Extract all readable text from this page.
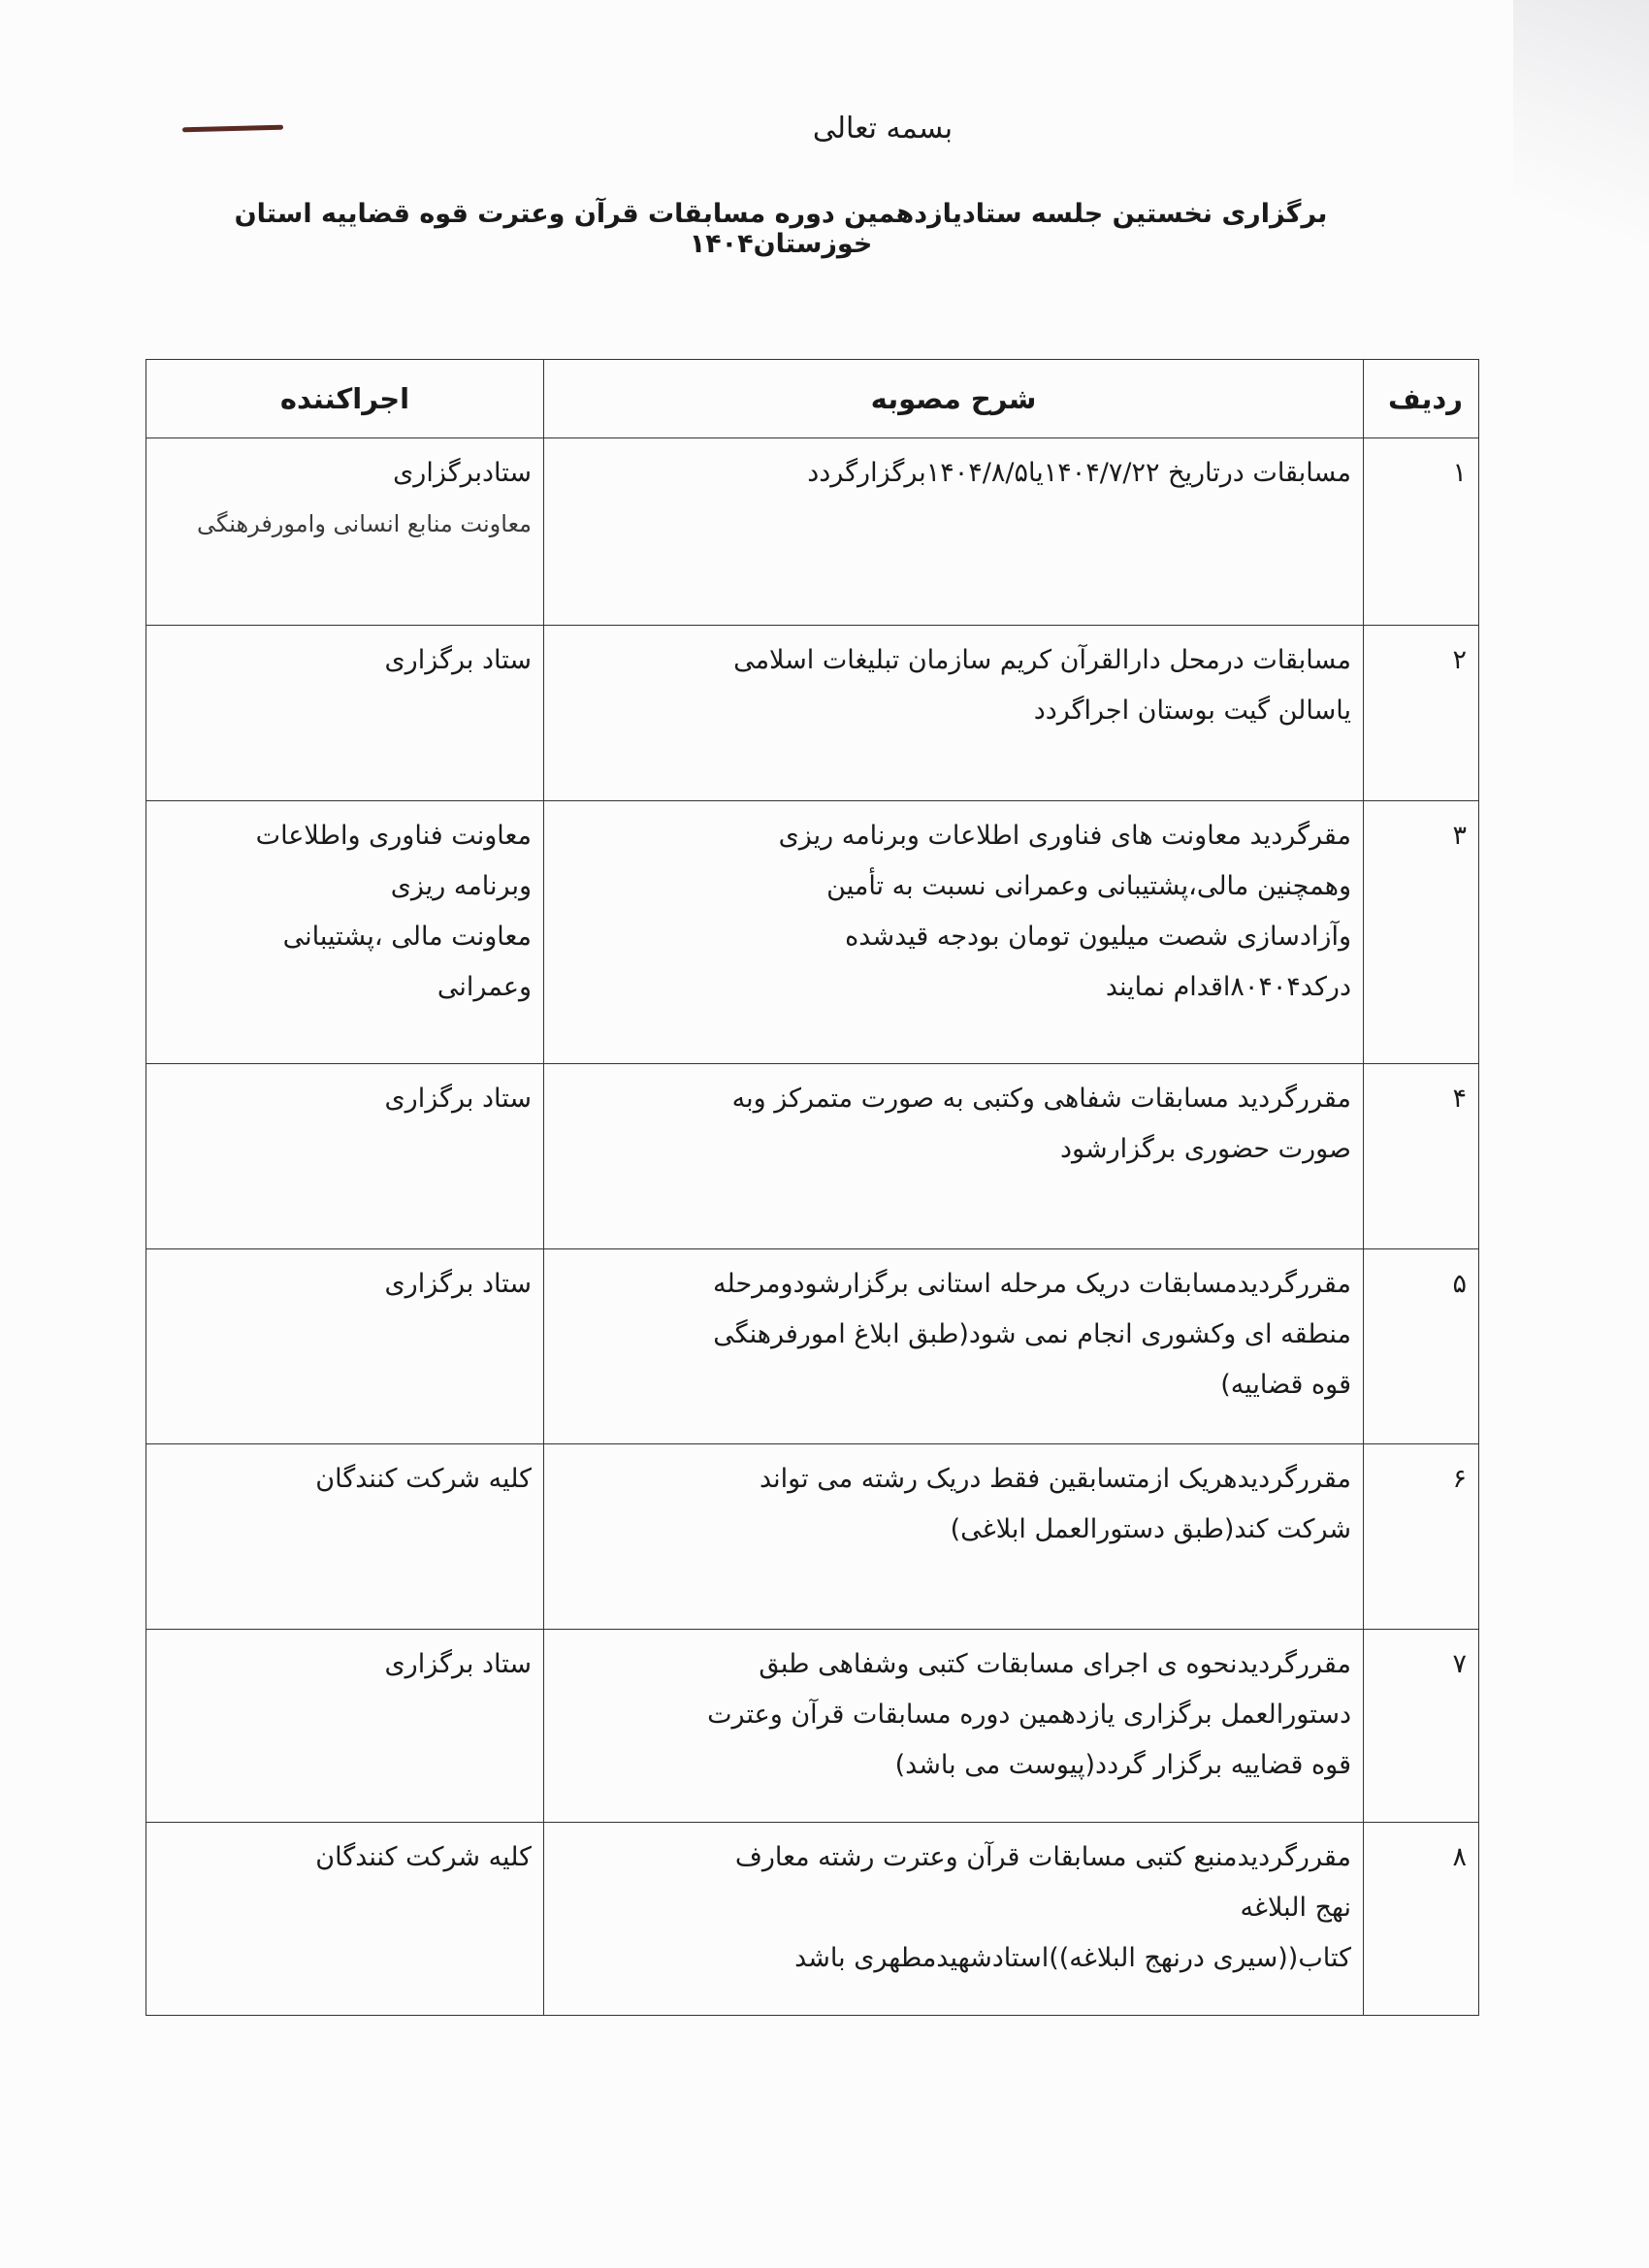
بسمه تعالی
برگزاری نخستین جلسه ستادیازدهمین دوره مسابقات قرآن وعترت قوه قضاییه استان خوزستان۱۴۰۴
ردیف	شرح مصوبه	اجراکننده
۱	مسابقات درتاریخ ۱۴۰۴/۷/۲۲یا۱۴۰۴/۸/۵برگزارگردد	ستادبرگزاری
معاونت منابع انسانی وامورفرهنگی

۲	مسابقات درمحل دارالقرآن کریم سازمان تبلیغات اسلامی
یاسالن گیت بوستان اجراگردد	ستاد برگزاری

۳	مقرگردید معاونت های فناوری اطلاعات وبرنامه ریزی
وهمچنین مالی،پشتیبانی وعمرانی نسبت به تأمین
وآزادسازی شصت میلیون تومان بودجه قیدشده
درکد۸۰۴۰۴اقدام نمایند	معاونت فناوری واطلاعات
وبرنامه ریزی
معاونت مالی ،پشتیبانی
وعمرانی

۴	مقررگردید مسابقات شفاهی وکتبی به صورت متمرکز وبه
صورت حضوری برگزارشود	ستاد برگزاری

۵	مقررگردیدمسابقات دریک مرحله استانی برگزارشودومرحله
منطقه ای وکشوری انجام نمی شود(طبق ابلاغ امورفرهنگی
قوه قضاییه)	ستاد برگزاری

۶	مقررگردیدهریک ازمتسابقین فقط دریک رشته می تواند
شرکت کند(طبق دستورالعمل ابلاغی)	کلیه شرکت کنندگان

۷	مقررگردیدنحوه ی اجرای مسابقات کتبی وشفاهی طبق
دستورالعمل برگزاری یازدهمین دوره مسابقات قرآن وعترت
قوه قضاییه برگزار گردد(پیوست می باشد)	ستاد برگزاری

۸	مقررگردیدمنبع کتبی مسابقات قرآن وعترت رشته معارف
نهج البلاغه
کتاب((سیری درنهج البلاغه))استادشهیدمطهری باشد	کلیه شرکت کنندگان
